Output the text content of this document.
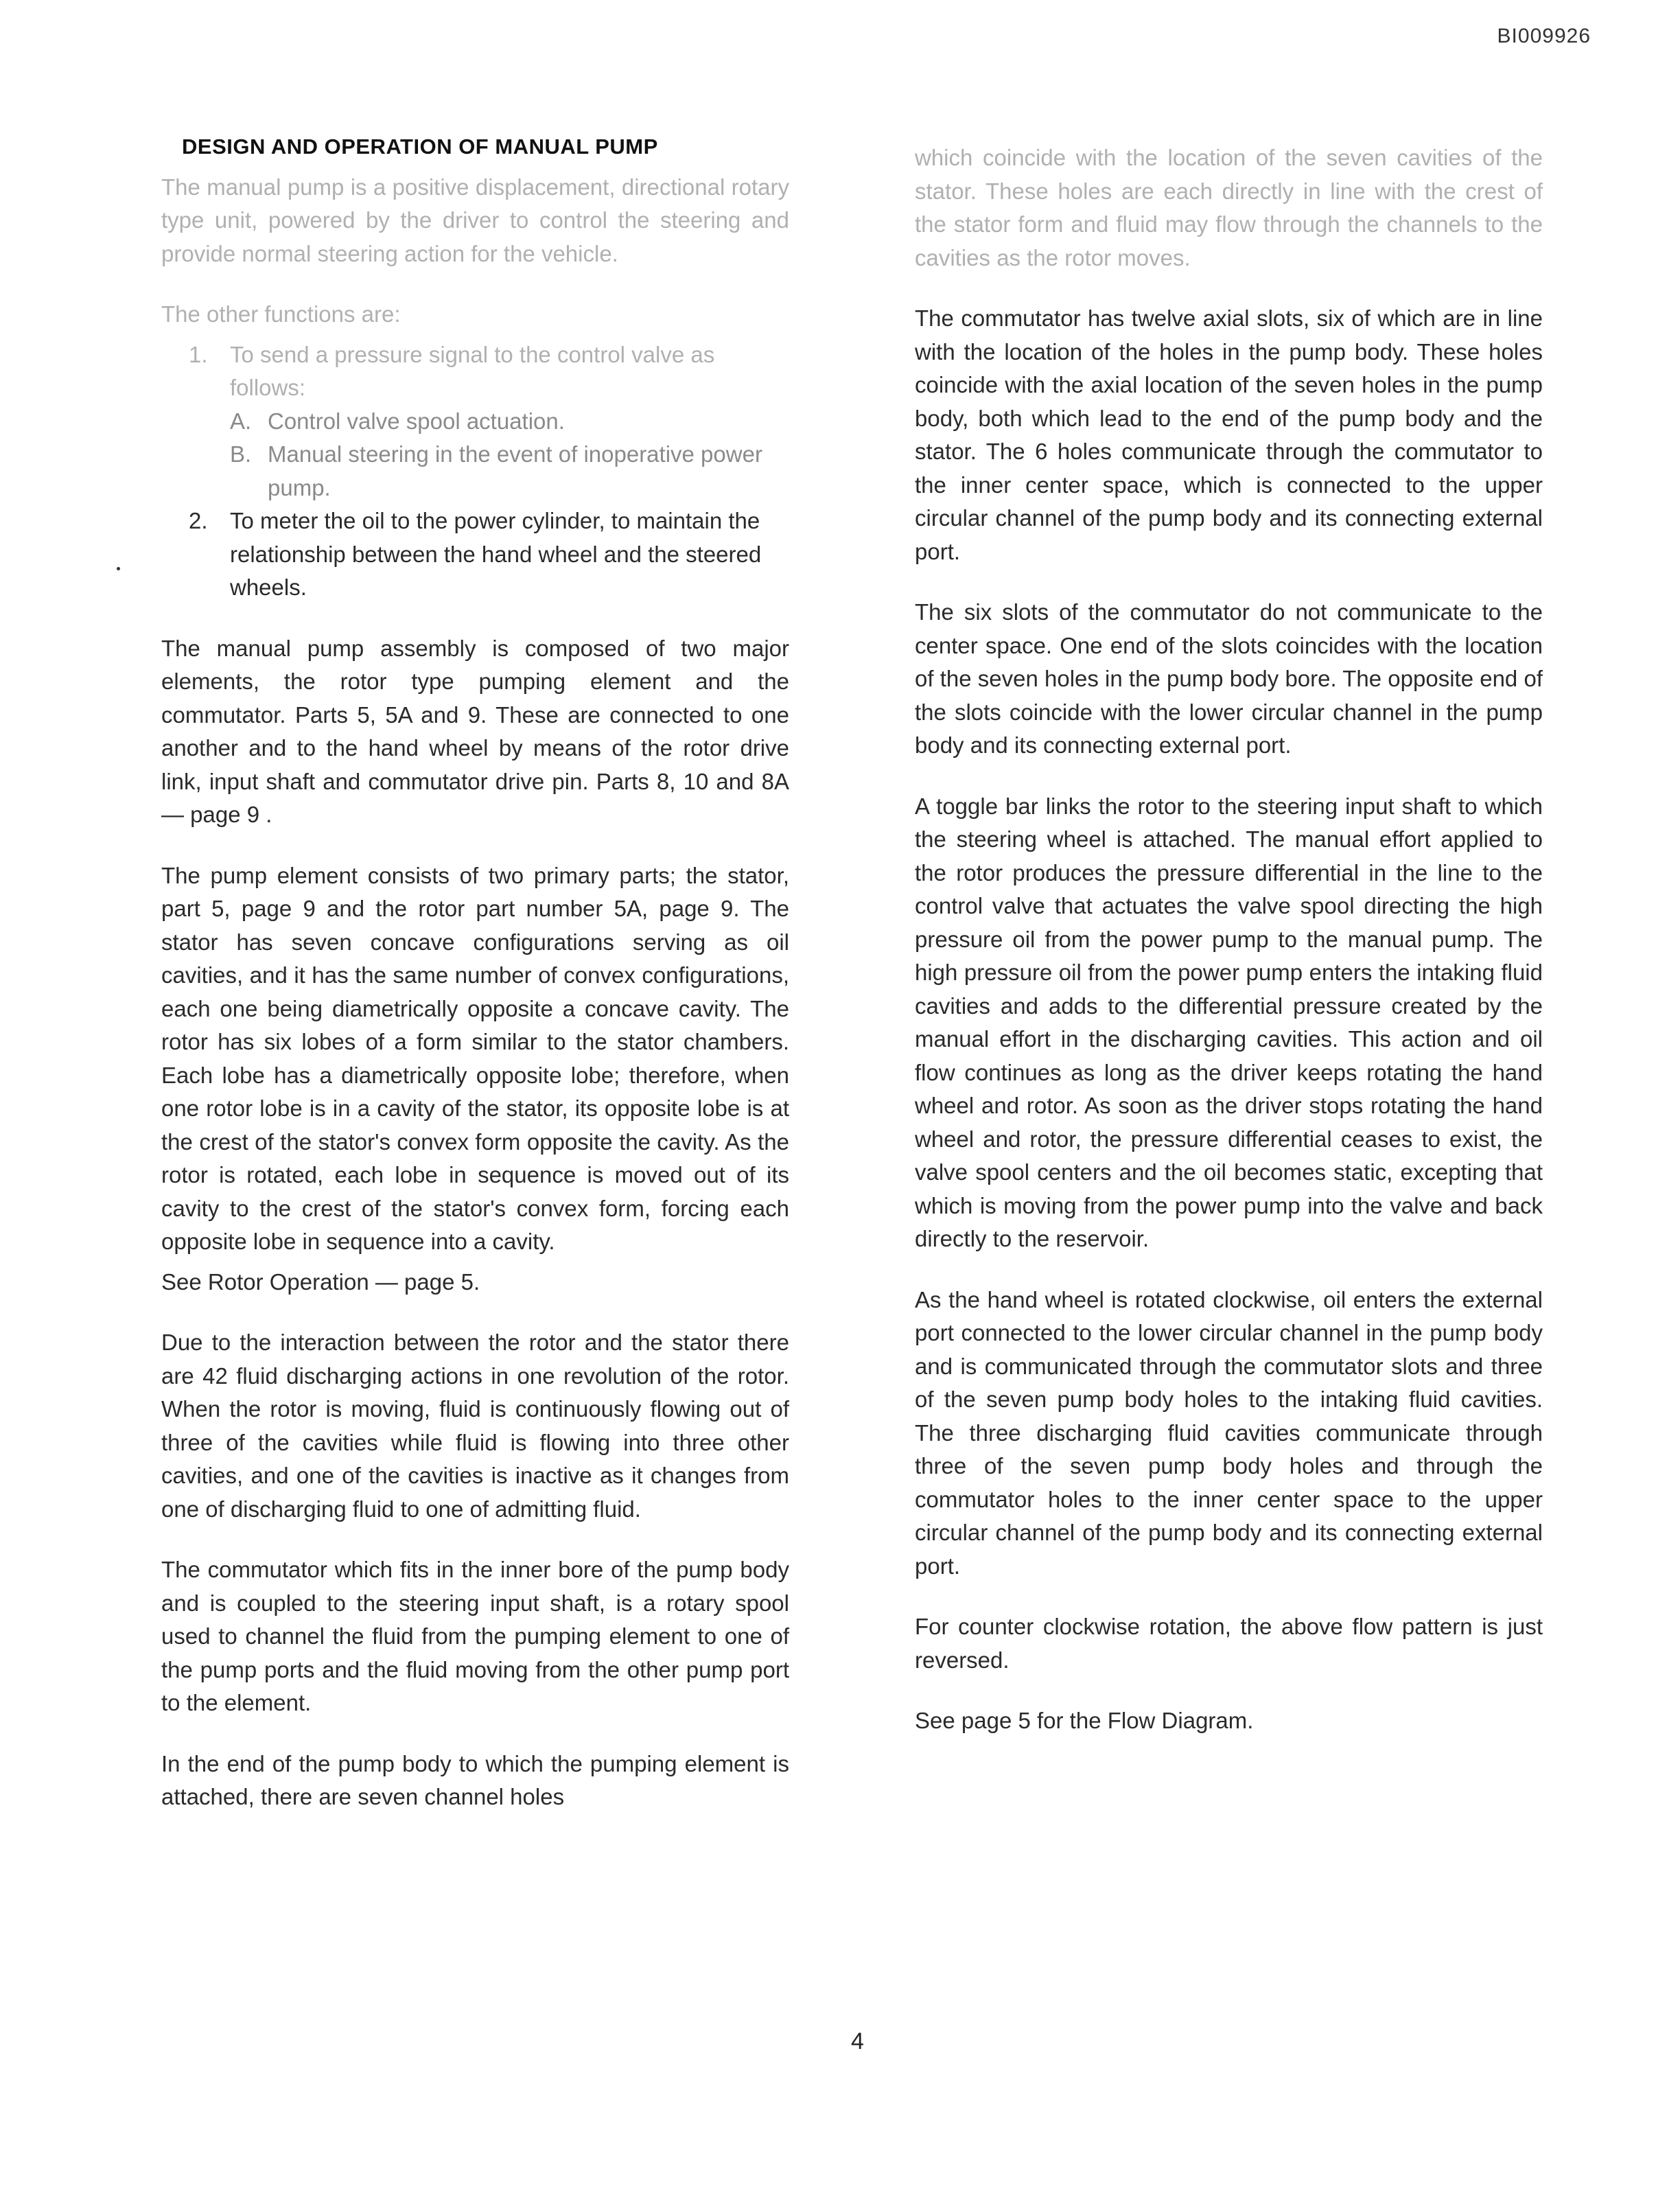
BI009926
DESIGN AND OPERATION OF MANUAL PUMP

The manual pump is a positive displacement, directional rotary type unit, powered by the driver to control the steering and provide normal steering action for the vehicle.

The other functions are:

1. To send a pressure signal to the control valve as follows:
A. Control valve spool actuation.
B. Manual steering in the event of inoperative power pump.
2. To meter the oil to the power cylinder, to maintain the relationship between the hand wheel and the steered wheels.

The manual pump assembly is composed of two major elements, the rotor type pumping element and the commutator. Parts 5, 5A and 9. These are connected to one another and to the hand wheel by means of the rotor drive link, input shaft and commutator drive pin. Parts 8, 10 and 8A — page 9 .

The pump element consists of two primary parts; the stator, part 5, page 9 and the rotor part number 5A, page 9. The stator has seven concave configurations serving as oil cavities, and it has the same number of convex configurations, each one being diametrically opposite a concave cavity. The rotor has six lobes of a form similar to the stator chambers. Each lobe has a diametrically opposite lobe; therefore, when one rotor lobe is in a cavity of the stator, its opposite lobe is at the crest of the stator's convex form opposite the cavity. As the rotor is rotated, each lobe in sequence is moved out of its cavity to the crest of the stator's convex form, forcing each opposite lobe in sequence into a cavity.

See Rotor Operation — page 5.

Due to the interaction between the rotor and the stator there are 42 fluid discharging actions in one revolution of the rotor. When the rotor is moving, fluid is continuously flowing out of three of the cavities while fluid is flowing into three other cavities, and one of the cavities is inactive as it changes from one of discharging fluid to one of admitting fluid.

The commutator which fits in the inner bore of the pump body and is coupled to the steering input shaft, is a rotary spool used to channel the fluid from the pumping element to one of the pump ports and the fluid moving from the other pump port to the element.

In the end of the pump body to which the pumping element is attached, there are seven channel holes

which coincide with the location of the seven cavities of the stator. These holes are each directly in line with the crest of the stator form and fluid may flow through the channels to the cavities as the rotor moves.

The commutator has twelve axial slots, six of which are in line with the location of the holes in the pump body. These holes coincide with the axial location of the seven holes in the pump body, both which lead to the end of the pump body and the stator. The 6 holes communicate through the commutator to the inner center space, which is connected to the upper circular channel of the pump body and its connecting external port.

The six slots of the commutator do not communicate to the center space. One end of the slots coincides with the location of the seven holes in the pump body bore. The opposite end of the slots coincide with the lower circular channel in the pump body and its connecting external port.

A toggle bar links the rotor to the steering input shaft to which the steering wheel is attached. The manual effort applied to the rotor produces the pressure differential in the line to the control valve that actuates the valve spool directing the high pressure oil from the power pump to the manual pump. The high pressure oil from the power pump enters the intaking fluid cavities and adds to the differential pressure created by the manual effort in the discharging cavities. This action and oil flow continues as long as the driver keeps rotating the hand wheel and rotor. As soon as the driver stops rotating the hand wheel and rotor, the pressure differential ceases to exist, the valve spool centers and the oil becomes static, excepting that which is moving from the power pump into the valve and back directly to the reservoir.

As the hand wheel is rotated clockwise, oil enters the external port connected to the lower circular channel in the pump body and is communicated through the commutator slots and three of the seven pump body holes to the intaking fluid cavities. The three discharging fluid cavities communicate through three of the seven pump body holes and through the commutator holes to the inner center space to the upper circular channel of the pump body and its connecting external port.

For counter clockwise rotation, the above flow pattern is just reversed.

See page 5 for the Flow Diagram.

4
